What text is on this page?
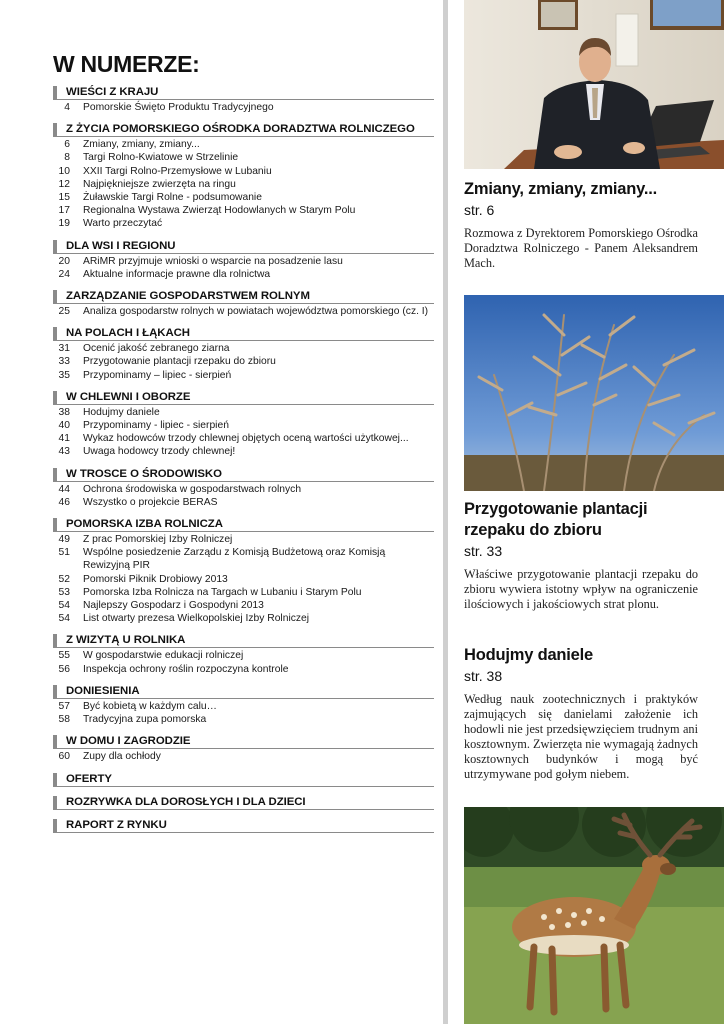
W NUMERZE:
WIEŚCI Z KRAJU
4	Pomorskie Święto Produktu Tradycyjnego
Z ŻYCIA POMORSKIEGO OŚRODKA DORADZTWA ROLNICZEGO
6	Zmiany, zmiany, zmiany...
8	Targi Rolno-Kwiatowe w Strzelinie
10	XXII Targi Rolno-Przemysłowe w Lubaniu
12	Najpiękniejsze zwierzęta na ringu
15	Żuławskie Targi Rolne - podsumowanie
17	Regionalna Wystawa Zwierząt Hodowlanych w Starym Polu
19	Warto przeczytać
DLA WSI I REGIONU
20	ARiMR przyjmuje wnioski o wsparcie na posadzenie lasu
24	Aktualne informacje prawne dla rolnictwa
ZARZĄDZANIE GOSPODARSTWEM ROLNYM
25	Analiza gospodarstw rolnych w powiatach województwa pomorskiego (cz. I)
NA POLACH I ŁĄKACH
31	Ocenić jakość zebranego ziarna
33	Przygotowanie plantacji rzepaku do zbioru
35	Przypominamy – lipiec - sierpień
W CHLEWNI I OBORZE
38	Hodujmy daniele
40	Przypominamy - lipiec - sierpień
41	Wykaz hodowców trzody chlewnej objętych oceną wartości użytkowej...
43	Uwaga hodowcy trzody chlewnej!
W TROSCE O ŚRODOWISKO
44	Ochrona środowiska w gospodarstwach rolnych
46	Wszystko o projekcie BERAS
POMORSKA IZBA ROLNICZA
49	Z prac Pomorskiej Izby Rolniczej
51	Wspólne posiedzenie Zarządu z Komisją Budżetową oraz Komisją Rewizyjną PIR
52	Pomorski Piknik Drobiowy 2013
53	Pomorska Izba Rolnicza na Targach w Lubaniu i Starym Polu
54	Najlepszy Gospodarz i Gospodyni 2013
54	List otwarty prezesa Wielkopolskiej Izby Rolniczej
Z WIZYTĄ U ROLNIKA
55	W gospodarstwie edukacji rolniczej
56	Inspekcja ochrony roślin rozpoczyna kontrole
DONIESIENIA
57	Być kobietą w każdym calu…
58	Tradycyjna zupa pomorska
W DOMU I ZAGRODZIE
60	Zupy dla ochłody
OFERTY
ROZRYWKA DLA DOROSŁYCH I DLA DZIECI
RAPORT Z RYNKU
Zmiany, zmiany, zmiany...
str. 6
Rozmowa z Dyrektorem Pomorskiego Ośrodka Doradztwa Rolniczego - Panem Aleksandrem Mach.
Przygotowanie plantacji rzepaku do zbioru
str. 33
Właściwe przygotowanie plantacji rzepaku do zbioru wywiera istotny wpływ na ograniczenie ilościowych i jakościowych strat plonu.
Hodujmy daniele
str. 38
Według nauk zootechnicznych i praktyków zajmujących się danielami założenie ich hodowli nie jest przedsięwzięciem trudnym ani kosztownym. Zwierzęta nie wymagają żadnych kosztownych budynków i mogą być utrzymywane pod gołym niebem.
